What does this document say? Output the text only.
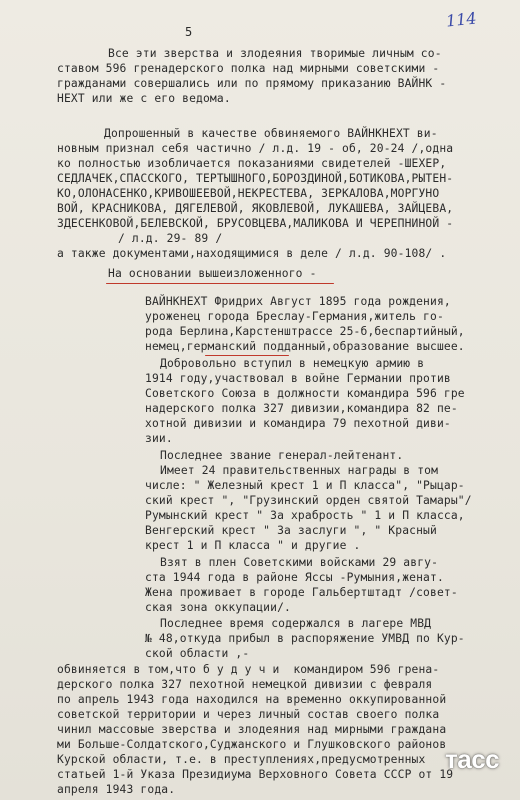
5
114
Все эти зверства и злодеяния творимые личным со-
ставом 596 гренадерского полка над мирными советскими -
гражданами совершались или по прямому приказанию ВАЙНК -
НЕХТ или же с его ведома.
Допрошенный в качестве обвиняемого ВАЙНКНЕХТ ви-
новным признал себя частично / л.д. 19 - об, 20-24 /,одна
ко полностью изобличается показаниями свидетелей -ШЕХЕР,
СЕДЛАЧЕК,СПАССКОГО, ТЕРТЫШНОГО,БОРОЗДИНОЙ,БОТИКОВА,РЫТЕН-
КО,ОЛОНАСЕНКО,КРИВОШЕЕВОЙ,НЕКРЕСТЕВА, ЗЕРКАЛОВА,МОРГУНО
ВОЙ, КРАСНИКОВА, ДЯГЕЛЕВОЙ, ЯКОВЛЕВОЙ, ЛУКАШЕВА, ЗАЙЦЕВА,
ЗДЕСЕНКОВОЙ,БЕЛЕВСКОЙ, БРУСОВЦЕВА,МАЛИКОВА И ЧЕРЕПНИНОЙ -
/ л.д. 29- 89 /
а также документами,находящимися в деле / л.д. 90-108/ .
На основании вышеизложенного -
ВАЙНКНЕХТ Фридрих Август 1895 года рождения,
уроженец города Бреслау-Германия,житель го-
рода Берлина,Карстенштрассе 25-б,беспартийный,
немец,германский подданный,образование высшее.
Добровольно вступил в немецкую армию в
1914 году,участвовал в войне Германии против
Советского Союза в должности командира 596 гре
надерского полка 327 дивизии,командира 82 пе-
хотной дивизии и командира 79 пехотной диви-
зии.
Последнее звание генерал-лейтенант.
Имеет 24 правительственных награды в том
числе: " Железный крест 1 и П класса", "Рыцар-
ский крест ", "Грузинский орден святой Тамары"/
Румынский крест " За храбрость " 1 и П класса,
Венгерский крест " За заслуги ", " Красный
крест 1 и П класса " и другие .
Взят в плен Советскими войсками 29 авгу-
ста 1944 года в районе Яссы -Румыния,женат.
Жена проживает в городе Гальбертштадт /совет-
ская зона оккупации/.
Последнее время содержался в лагере МВД
№ 48,откуда прибыл в распоряжение УМВД по Кур-
ской области ,-
обвиняется в том,что б у д у ч и  командиром 596 грена-
дерского полка 327 пехотной немецкой дивизии с февраля
по апрель 1943 года находился на временно оккупированной
советской территории и через личный состав своего полка
чинил массовые зверства и злодеяния над мирными граждана
ми Больше-Солдатского,Суджанского и Глушковского районов
Курской области, т.е. в преступлениях,предусмотренных
статьей 1-й Указа Президиума Верховного Совета СССР от 19
апреля 1943 года.
тасс
